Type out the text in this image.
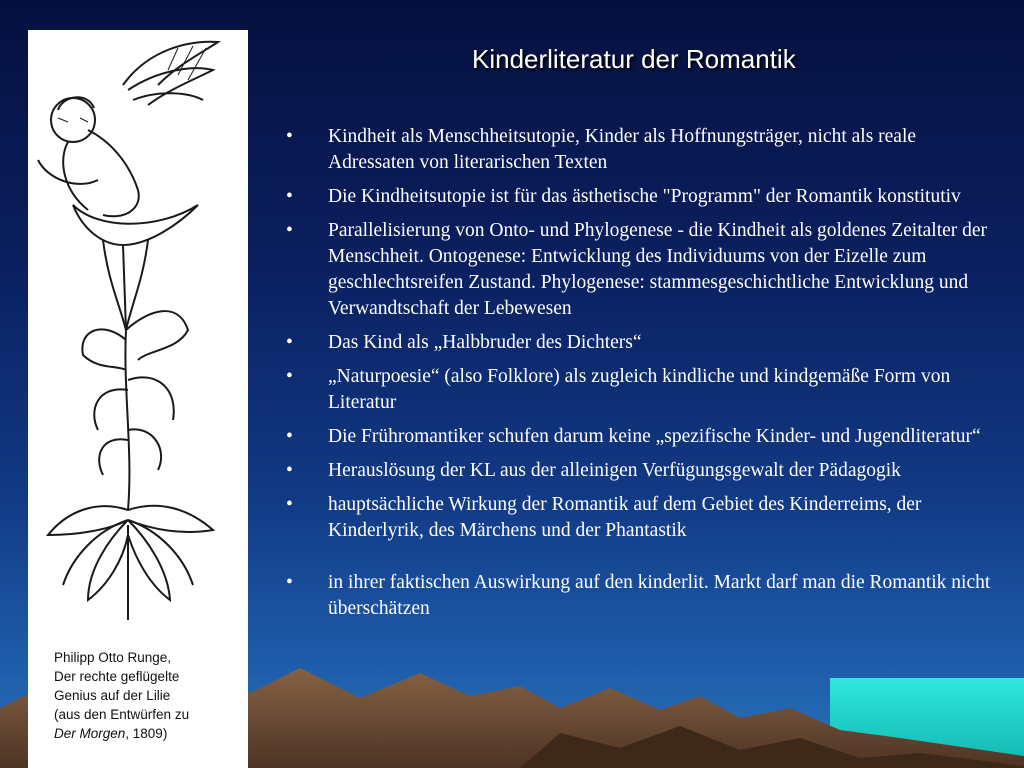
Philipp Otto Runge,
Der rechte geflügelte
Genius auf der Lilie
(aus den Entwürfen zu
Der Morgen, 1809)
Kinderliteratur der Romantik
• Kindheit als Menschheitsutopie, Kinder als Hoffnungsträger, nicht als reale Adressaten von literarischen Texten
• Die Kindheitsutopie ist für das ästhetische "Programm" der Romantik konstitutiv
• Parallelisierung von Onto- und Phylogenese - die Kindheit als goldenes Zeitalter der Menschheit. Ontogenese: Entwicklung des Individuums von der Eizelle zum geschlechtsreifen Zustand. Phylogenese: stammesgeschichtliche Entwicklung und Verwandtschaft der Lebewesen
• Das Kind als „Halbbruder des Dichters“
• „Naturpoesie“ (also Folklore) als zugleich kindliche und kindgemäße Form von Literatur
• Die Frühromantiker schufen darum keine „spezifische Kinder- und Jugendliteratur“
• Herauslösung der KL aus der alleinigen Verfügungsgewalt der Pädagogik
• hauptsächliche Wirkung der Romantik auf dem Gebiet des Kinderreims, der Kinderlyrik, des Märchens und der Phantastik
• in ihrer faktischen Auswirkung auf den kinderlit. Markt darf man die Romantik nicht überschätzen
